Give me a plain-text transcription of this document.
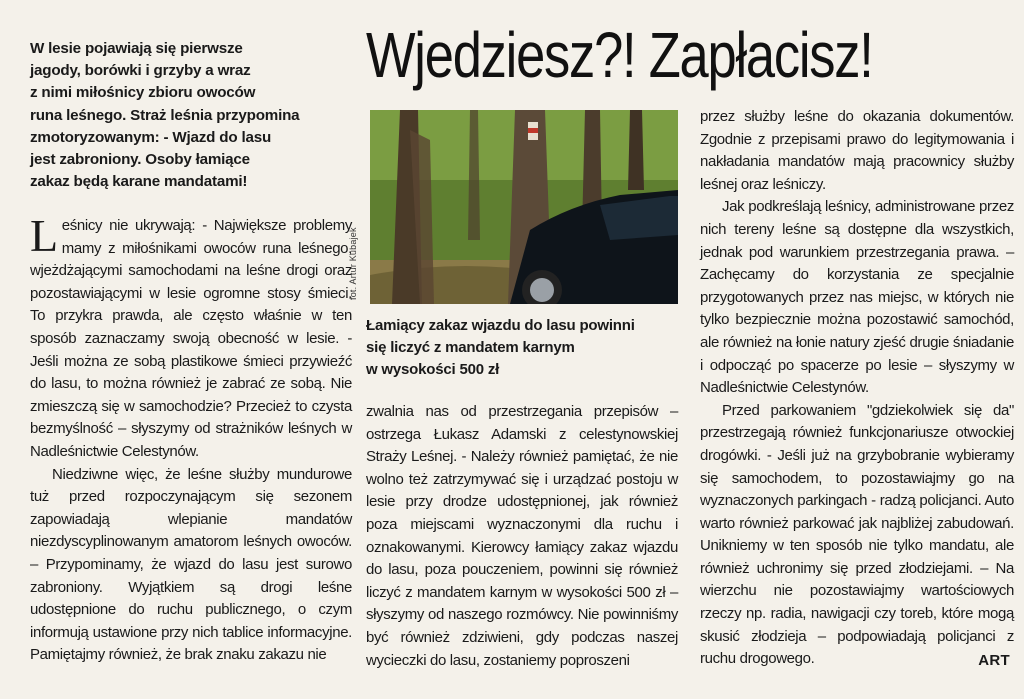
W lesie pojawiają się pierwsze

jagody, borówki i grzyby a wraz

z nimi miłośnicy zbioru owoców

runa leśnego. Straż leśnia przypomina

zmotoryzowanym: - Wjazd do lasu

jest zabroniony. Osoby łamiące

zakaz będą karane mandatami!

Leśnicy nie ukrywają: - Największe problemy mamy z miłośnikami owoców runa leśnego, wjeżdżającymi samochodami na leśne drogi oraz pozostawiającymi w lesie ogromne stosy śmieci. To przykra prawda, ale często właśnie w ten sposób zaznaczamy swoją obecność w lesie. - Jeśli można ze sobą plastikowe śmieci przywieźć do lasu, to można również je zabrać ze sobą. Nie zmieszczą się w samochodzie? Przecież to czysta bezmyślność – słyszymy od strażników leśnych w Nadleśnictwie Celestynów.

Niedziwne więc, że leśne służby mundurowe tuż przed rozpoczynającym się sezonem zapowiadają wlepianie mandatów niezdyscyplinowanym amatorom leśnych owoców. – Przypominamy, że wjazd do lasu jest surowo zabroniony. Wyjątkiem są drogi leśne udostępnione do ruchu publicznego, o czym informują ustawione przy nich tablice informacyjne. Pamiętajmy również, że brak znaku zakazu nie

Wjedziesz?! Zapłacisz!
fot. Artur Kubajek
Łamiący zakaz wjazdu do lasu powinni
się liczyć z mandatem karnym
w wysokości 500 zł

zwalnia nas od przestrzegania przepisów – ostrzega Łukasz Adamski z celestynowskiej Straży Leśnej. - Należy również pamiętać, że nie wolno też zatrzymywać się i urządzać postoju w lesie przy drodze udostępnionej, jak również poza miejscami wyznaczonymi dla ruchu i oznakowanymi. Kierowcy łamiący zakaz wjazdu do lasu, poza pouczeniem, powinni się również liczyć z mandatem karnym w wysokości 500 zł – słyszymy od naszego rozmówcy. Nie powinniśmy być również zdziwieni, gdy podczas naszej wycieczki do lasu, zostaniemy poproszeni

przez służby leśne do okazania dokumentów. Zgodnie z przepisami prawo do legitymowania i nakładania mandatów mają pracownicy służby leśnej oraz leśniczy.

Jak podkreślają leśnicy, administrowane przez nich tereny leśne są dostępne dla wszystkich, jednak pod warunkiem przestrzegania prawa. – Zachęcamy do korzystania ze specjalnie przygotowanych przez nas miejsc, w których nie tylko bezpiecznie można pozostawić samochód, ale również na łonie natury zjeść drugie śniadanie i odpocząć po spacerze po lesie – słyszymy w Nadleśnictwie Celestynów.

Przed parkowaniem "gdziekolwiek się da" przestrzegają również funkcjonariusze otwockiej drogówki. - Jeśli już na grzybobranie wybieramy się samochodem, to pozostawiajmy go na wyznaczonych parkingach - radzą policjanci. Auto warto również parkować jak najbliżej zabudowań. Unikniemy w ten sposób nie tylko mandatu, ale również uchronimy się przed złodziejami. – Na wierzchu nie pozostawiajmy wartościowych rzeczy np. radia, nawigacji czy toreb, które mogą skusić złodzieja – podpowiadają policjanci z ruchu drogowego.	ART
